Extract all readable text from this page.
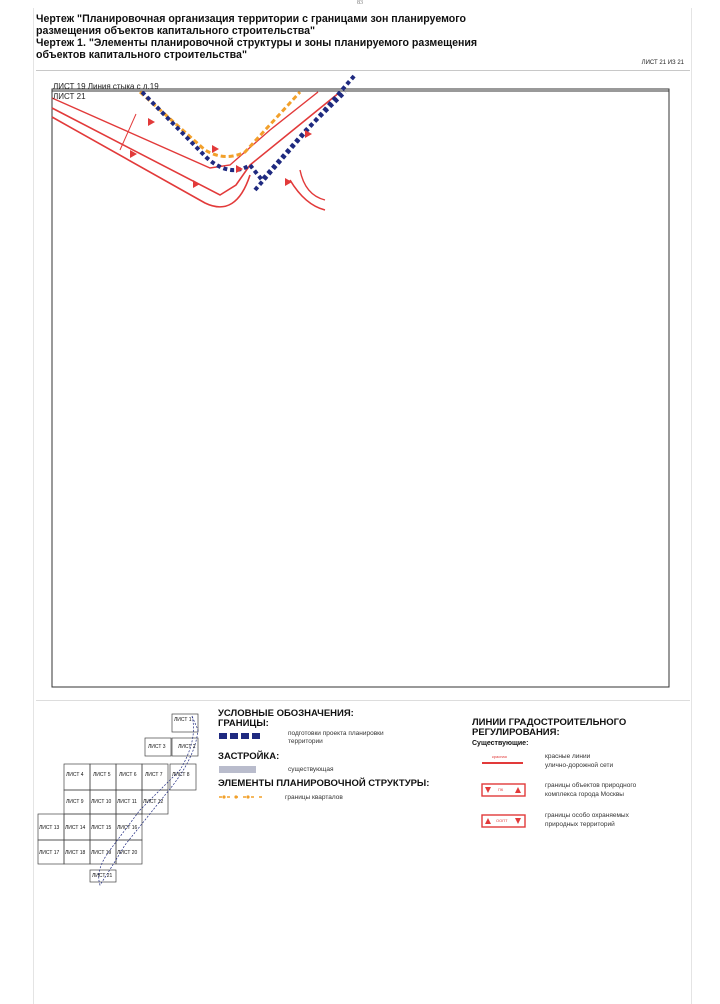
83
Чертеж "Планировочная организация территории с границами зон планируемого
размещения объектов капитального строительства"
Чертеж 1. "Элементы планировочной структуры и зоны планируемого размещения
объектов капитального строительства"
ЛИСТ 21 ИЗ 21
ЛИСТ 19 Линия стыка с л.19
ЛИСТ 21
ЛИСТ 1
ЛИСТ 2
ЛИСТ 3
ЛИСТ 4 ЛИСТ 5 ЛИСТ 6 ЛИСТ 7 ЛИСТ 8
ЛИСТ 9 ЛИСТ 10 ЛИСТ 11 ЛИСТ 12
ЛИСТ 13 ЛИСТ 14 ЛИСТ 15 ЛИСТ 16
ЛИСТ 17 ЛИСТ 18 ЛИСТ 19 ЛИСТ 20
ЛИСТ 21
УСЛОВНЫЕ ОБОЗНАЧЕНИЯ:
ГРАНИЦЫ:
подготовки проекта планировки
территории
ЗАСТРОЙКА:
существующая
ЭЛЕМЕНТЫ ПЛАНИРОВОЧНОЙ СТРУКТУРЫ:
границы кварталов
ЛИНИИ ГРАДОСТРОИТЕЛЬНОГО
РЕГУЛИРОВАНИЯ:
Существующие:
красные линии
улично-дорожной сети
красная
границы объектов природного
комплекса города Москвы
ПК
границы особо охраняемых
природных территорий
ООПТ
